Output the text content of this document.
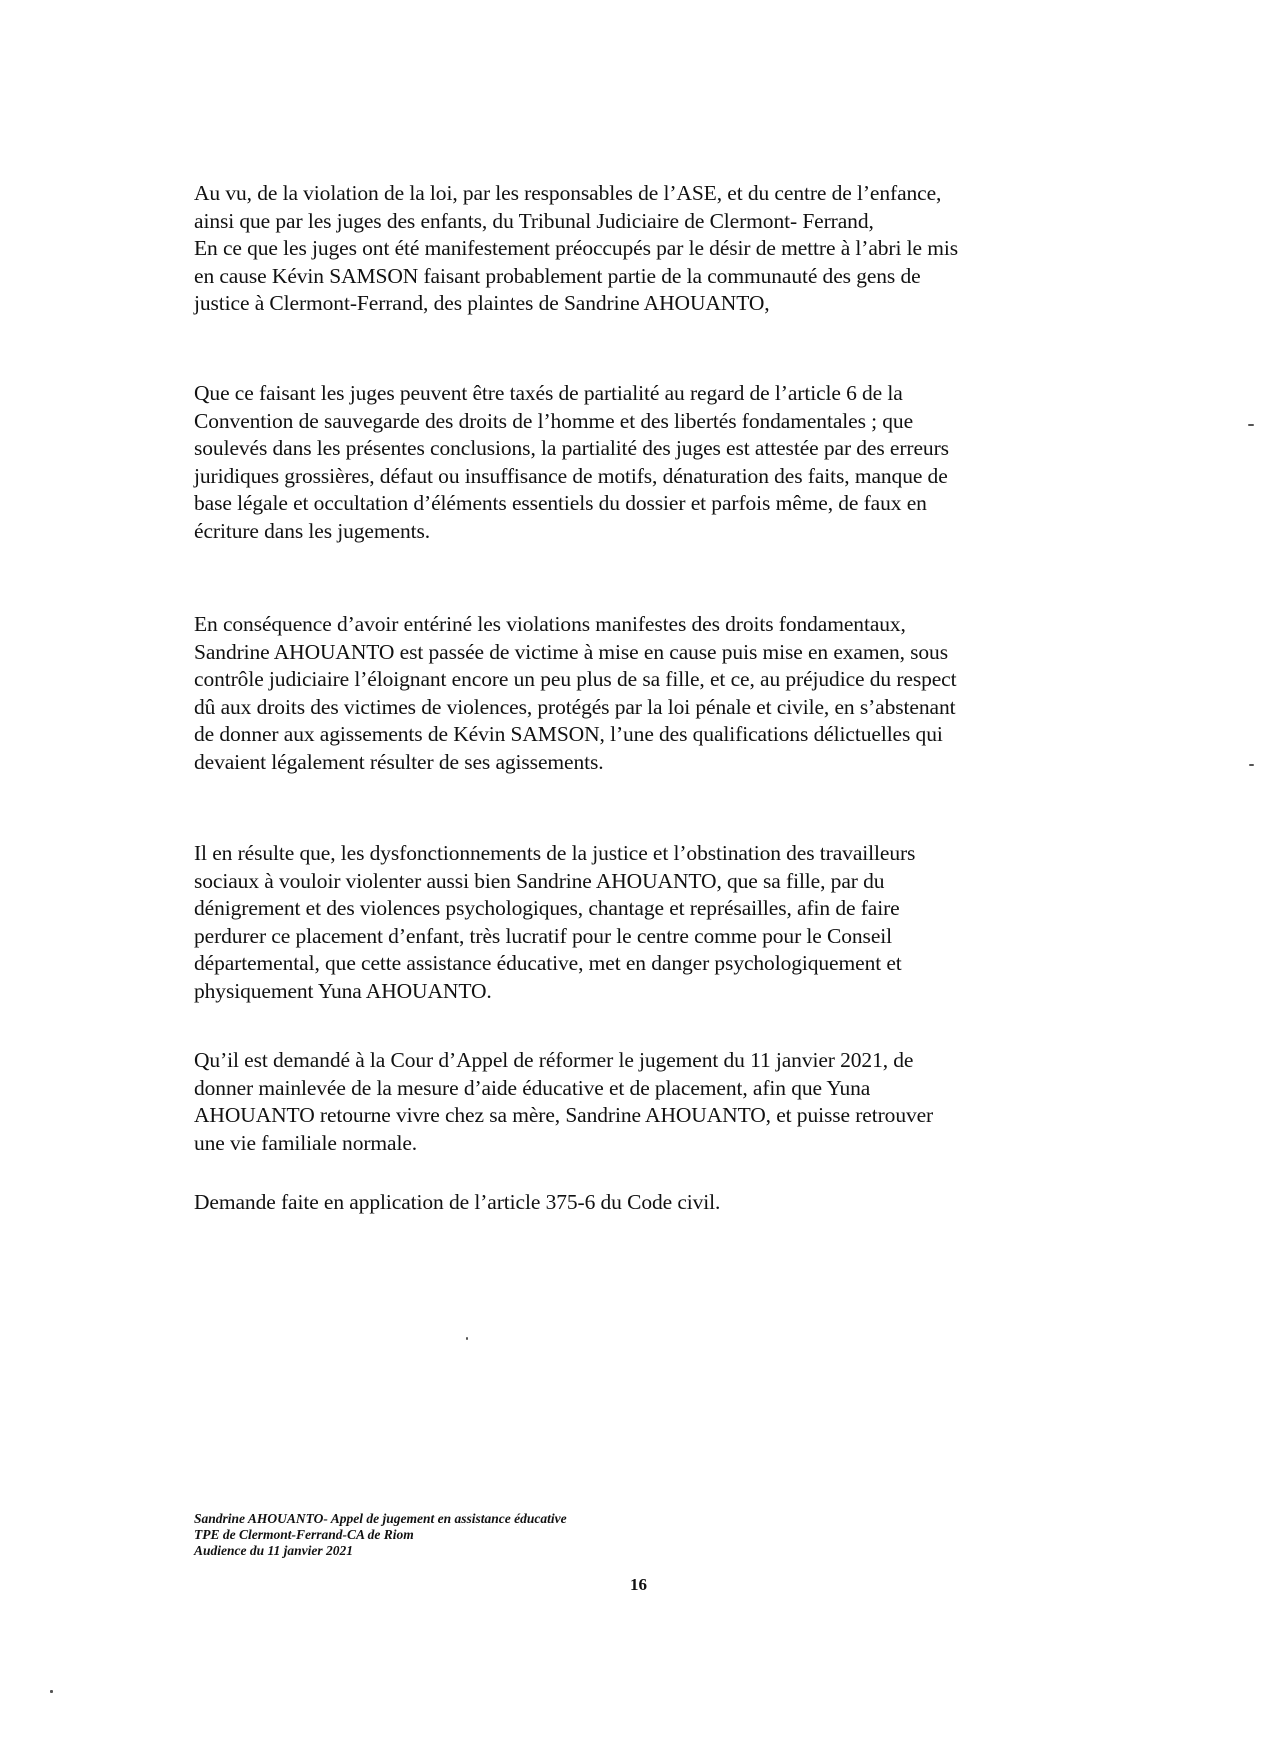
Au vu, de la violation de la loi, par les responsables de l’ASE, et du centre de l’enfance,
ainsi que par les juges des enfants, du Tribunal Judiciaire de Clermont- Ferrand,
En ce que les juges ont été manifestement préoccupés par le désir de mettre à l’abri le mis
en cause Kévin SAMSON faisant probablement partie de la communauté des gens de
justice à Clermont-Ferrand, des plaintes de Sandrine AHOUANTO,

Que ce faisant les juges peuvent être taxés de partialité au regard de l’article 6 de la
Convention de sauvegarde des droits de l’homme et des libertés fondamentales ; que
soulevés dans les présentes conclusions, la partialité des juges est attestée par des erreurs
juridiques grossières, défaut ou insuffisance de motifs, dénaturation des faits, manque de
base légale et occultation d’éléments essentiels du dossier et parfois même, de faux en
écriture dans les jugements.

En conséquence d’avoir entériné les violations manifestes des droits fondamentaux,
Sandrine AHOUANTO est passée de victime à mise en cause puis mise en examen, sous
contrôle judiciaire l’éloignant encore un peu plus de sa fille, et ce, au préjudice du respect
dû aux droits des victimes de violences, protégés par la loi pénale et civile, en s’abstenant
de donner aux agissements de Kévin SAMSON, l’une des qualifications délictuelles qui
devaient légalement résulter de ses agissements.

Il en résulte que, les dysfonctionnements de la justice et l’obstination des travailleurs
sociaux à vouloir violenter aussi bien Sandrine AHOUANTO, que sa fille, par du
dénigrement et des violences psychologiques, chantage et représailles, afin de faire
perdurer ce placement d’enfant, très lucratif pour le centre comme pour le Conseil
départemental, que cette assistance éducative, met en danger psychologiquement et
physiquement Yuna AHOUANTO.

Qu’il est demandé à la Cour d’Appel de réformer le jugement du 11 janvier 2021, de
donner mainlevée de la mesure d’aide éducative et de placement, afin que Yuna
AHOUANTO retourne vivre chez sa mère, Sandrine AHOUANTO, et puisse retrouver
une vie familiale normale.

Demande faite en application de l’article 375-6 du Code civil.

Sandrine AHOUANTO- Appel de jugement en assistance éducative
TPE de Clermont-Ferrand-CA de Riom
Audience du 11 janvier 2021
16
